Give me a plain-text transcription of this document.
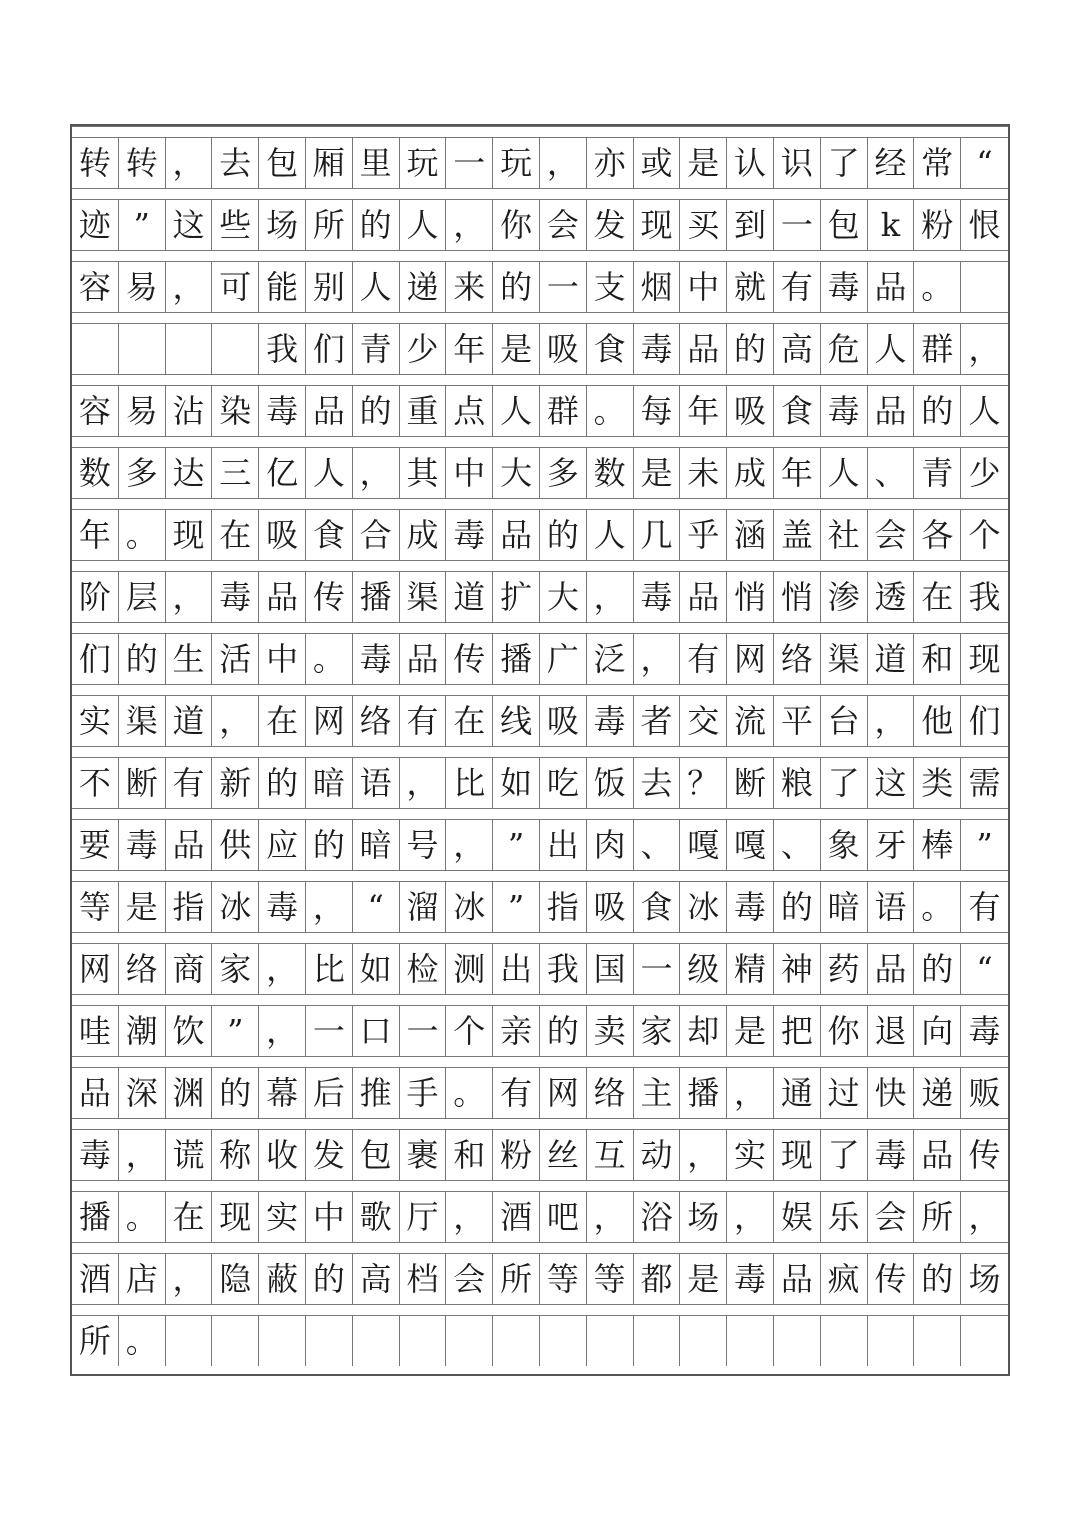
转 转 ， 去 包 厢 里 玩 一 玩 ， 亦 或 是 认 识 了 经 常 “
迹 ” 这 些 场 所 的 人 ， 你 会 发 现 买 到 一 包 k 粉 恨
容 易 ， 可 能 别 人 递 来 的 一 支 烟 中 就 有 毒 品 。
我 们 青 少 年 是 吸 食 毒 品 的 高 危 人 群 ，
容 易 沾 染 毒 品 的 重 点 人 群 。 每 年 吸 食 毒 品 的 人
数 多 达 三 亿 人 ， 其 中 大 多 数 是 未 成 年 人 、 青 少
年 。 现 在 吸 食 合 成 毒 品 的 人 几 乎 涵 盖 社 会 各 个
阶 层 ， 毒 品 传 播 渠 道 扩 大 ， 毒 品 悄 悄 渗 透 在 我
们 的 生 活 中 。 毒 品 传 播 广 泛 ， 有 网 络 渠 道 和 现
实 渠 道 ， 在 网 络 有 在 线 吸 毒 者 交 流 平 台 ， 他 们
不 断 有 新 的 暗 语 ， 比 如 吃 饭 去 ？ 断 粮 了 这 类 需
要 毒 品 供 应 的 暗 号 ， ” 出 肉 、 嘎 嘎 、 象 牙 棒 ”
等 是 指 冰 毒 ， “ 溜 冰 ” 指 吸 食 冰 毒 的 暗 语 。 有
网 络 商 家 ， 比 如 检 测 出 我 国 一 级 精 神 药 品 的 “
哇 潮 饮 ” ， 一 口 一 个 亲 的 卖 家 却 是 把 你 退 向 毒
品 深 渊 的 幕 后 推 手 。 有 网 络 主 播 ， 通 过 快 递 贩
毒 ， 谎 称 收 发 包 裹 和 粉 丝 互 动 ， 实 现 了 毒 品 传
播 。 在 现 实 中 歌 厅 ， 酒 吧 ， 浴 场 ， 娱 乐 会 所 ，
酒 店 ， 隐 蔽 的 高 档 会 所 等 等 都 是 毒 品 疯 传 的 场
所 。
